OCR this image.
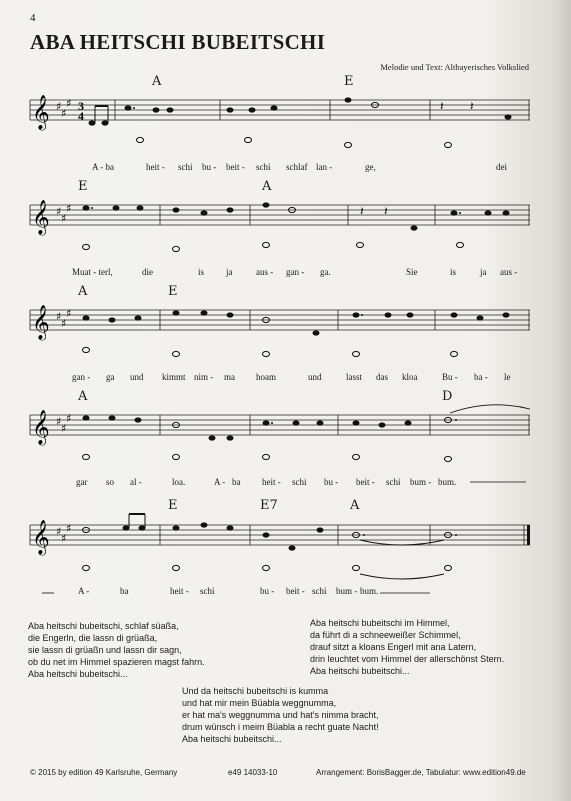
4
ABA HEITSCHI BUBEITSCHI
Melodie und Text: Altbayerisches Volkslied
A	E
𝄞 ♯
♯
♯ 3
4
𝄽 𝄽
A - ba	heit - schi bu - beit - schi schlaf lan -	ge,	dei
E	A
𝄞 ♯
♯
♯	𝄽 𝄽
Muat - terl,	die	is ja	aus - gan - ga.	Sie	is	ja aus -
A	E
𝄞 ♯
♯
♯
gan - ga und kimmt nim - ma hoam	und	lasst das kloa	Bu - ba - le
A	D
𝄞 ♯
♯
♯
gar so al -	loa.	A - ba heit - schi bu - beit - schi bum - bum.
E	E7	A
𝄞 ♯
♯
♯
A -	ba	heit - schi	bu - beit - schi bum - bum.
Aba heitschi bubeitschi, schlaf süaßa,
die Engerln, die lassn di grüaßa,
sie lassn di grüaßn und lassn dir sagn,
ob du net im Himmel spazieren magst fahrn.
Aba heitschi bubeitschi...
Aba heitschi bubeitschi im Himmel,
da führt di a schneeweißer Schimmel,
drauf sitzt a kloans Engerl mit ana Latern,
drin leuchtet vom Himmel der allerschönst Stern.
Aba heitschi bubeitschi...
Und da heitschi bubeitschi is kumma
und hat mir mein Büabla weggnumma,
er hat ma's weggnumma und hat's nimma bracht,
drum wünsch i meim Büabla a recht guate Nacht!
Aba heitschi bubeitschi...
© 2015 by edition 49 Karlsruhe, Germany	e49 14033-10	Arrangement: BorisBagger.de, Tabulatur: www.edition49.de
